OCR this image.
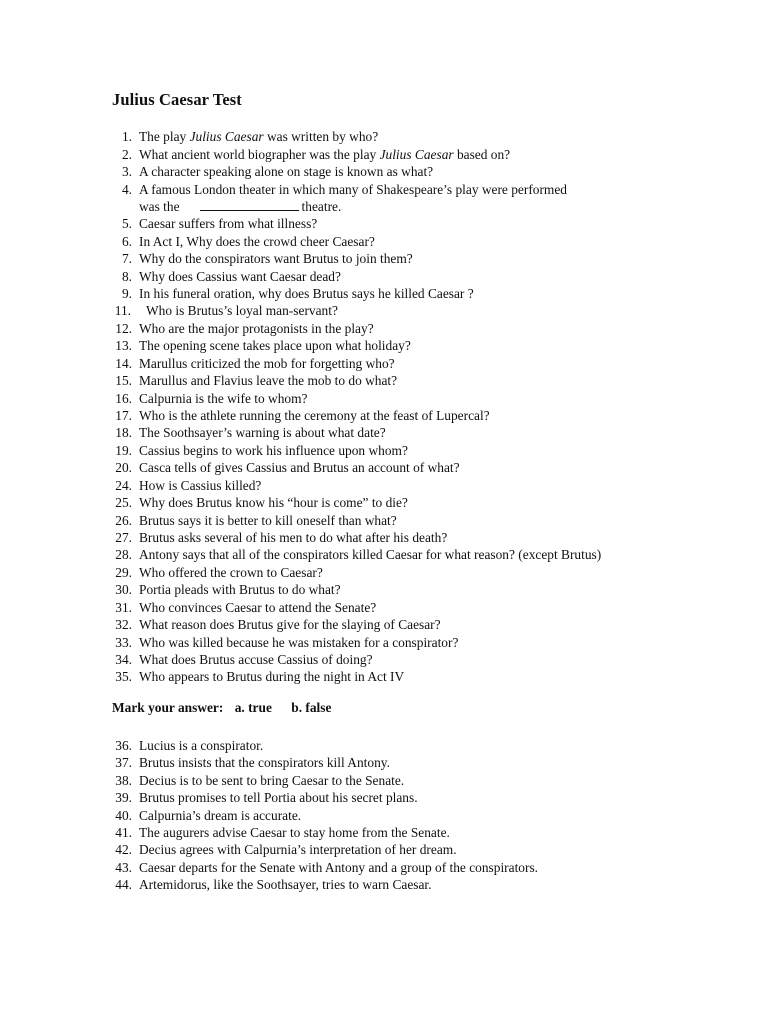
Julius Caesar Test
1. The play Julius Caesar was written by who?
2. What ancient world biographer was the play Julius Caesar based on?
3. A character speaking alone on stage is known as what?
4. A famous London theater in which many of Shakespeare’s play were performed
was the	theatre.
5. Caesar suffers from what illness?
6. In Act I, Why does the crowd cheer Caesar?
7. Why do the conspirators want Brutus to join them?
8. Why does Cassius want Caesar dead?
9. In his funeral oration, why does Brutus says he killed Caesar ?
11. Who is Brutus’s loyal man-servant?
12. Who are the major protagonists in the play?
13. The opening scene takes place upon what holiday?
14. Marullus criticized the mob for forgetting who?
15. Marullus and Flavius leave the mob to do what?
16. Calpurnia is the wife to whom?
17. Who is the athlete running the ceremony at the feast of Lupercal?
18. The Soothsayer’s warning is about what date?
19. Cassius begins to work his influence upon whom?
20. Casca tells of gives Cassius and Brutus an account of what?
24. How is Cassius killed?
25. Why does Brutus know his “hour is come” to die?
26. Brutus says it is better to kill oneself than what?
27. Brutus asks several of his men to do what after his death?
28. Antony says that all of the conspirators killed Caesar for what reason? (except Brutus)
29. Who offered the crown to Caesar?
30. Portia pleads with Brutus to do what?
31. Who convinces Caesar to attend the Senate?
32. What reason does Brutus give for the slaying of Caesar?
33. Who was killed because he was mistaken for a conspirator?
34. What does Brutus accuse Cassius of doing?
35. Who appears to Brutus during the night in Act IV
Mark your answer: a. true b. false
36. Lucius is a conspirator.
37. Brutus insists that the conspirators kill Antony.
38. Decius is to be sent to bring Caesar to the Senate.
39. Brutus promises to tell Portia about his secret plans.
40. Calpurnia’s dream is accurate.
41. The augurers advise Caesar to stay home from the Senate.
42. Decius agrees with Calpurnia’s interpretation of her dream.
43. Caesar departs for the Senate with Antony and a group of the conspirators.
44. Artemidorus, like the Soothsayer, tries to warn Caesar.
